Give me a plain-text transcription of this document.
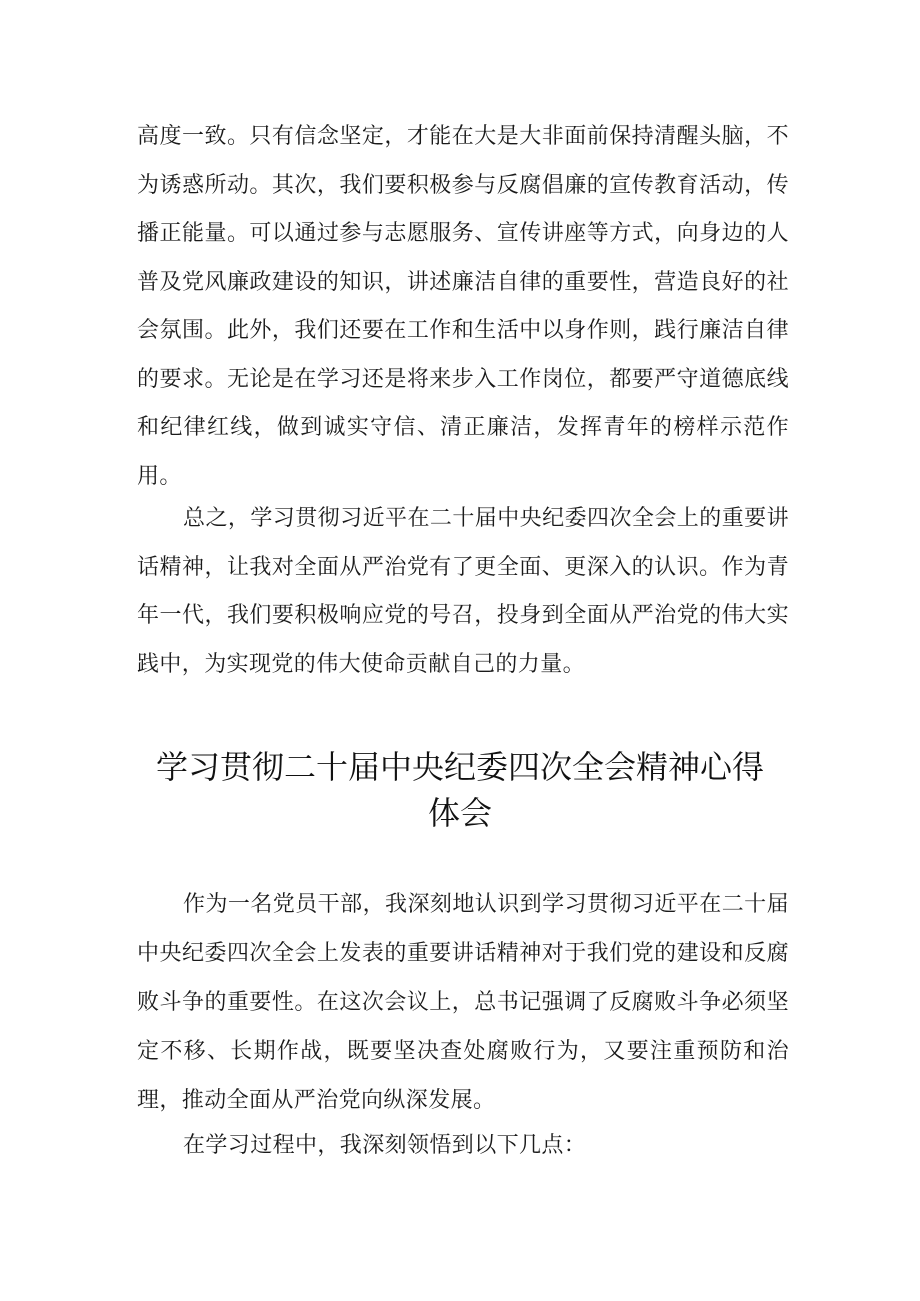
高度一致。只有信念坚定，才能在大是大非面前保持清醒头脑，不为诱惑所动。其次，我们要积极参与反腐倡廉的宣传教育活动，传播正能量。可以通过参与志愿服务、宣传讲座等方式，向身边的人普及党风廉政建设的知识，讲述廉洁自律的重要性，营造良好的社会氛围。此外，我们还要在工作和生活中以身作则，践行廉洁自律的要求。无论是在学习还是将来步入工作岗位，都要严守道德底线和纪律红线，做到诚实守信、清正廉洁，发挥青年的榜样示范作用。

总之，学习贯彻习近平在二十届中央纪委四次全会上的重要讲话精神，让我对全面从严治党有了更全面、更深入的认识。作为青年一代，我们要积极响应党的号召，投身到全面从严治党的伟大实践中，为实现党的伟大使命贡献自己的力量。

学习贯彻二十届中央纪委四次全会精神心得体会

作为一名党员干部，我深刻地认识到学习贯彻习近平在二十届中央纪委四次全会上发表的重要讲话精神对于我们党的建设和反腐败斗争的重要性。在这次会议上，总书记强调了反腐败斗争必须坚定不移、长期作战，既要坚决查处腐败行为，又要注重预防和治理，推动全面从严治党向纵深发展。

在学习过程中，我深刻领悟到以下几点：
